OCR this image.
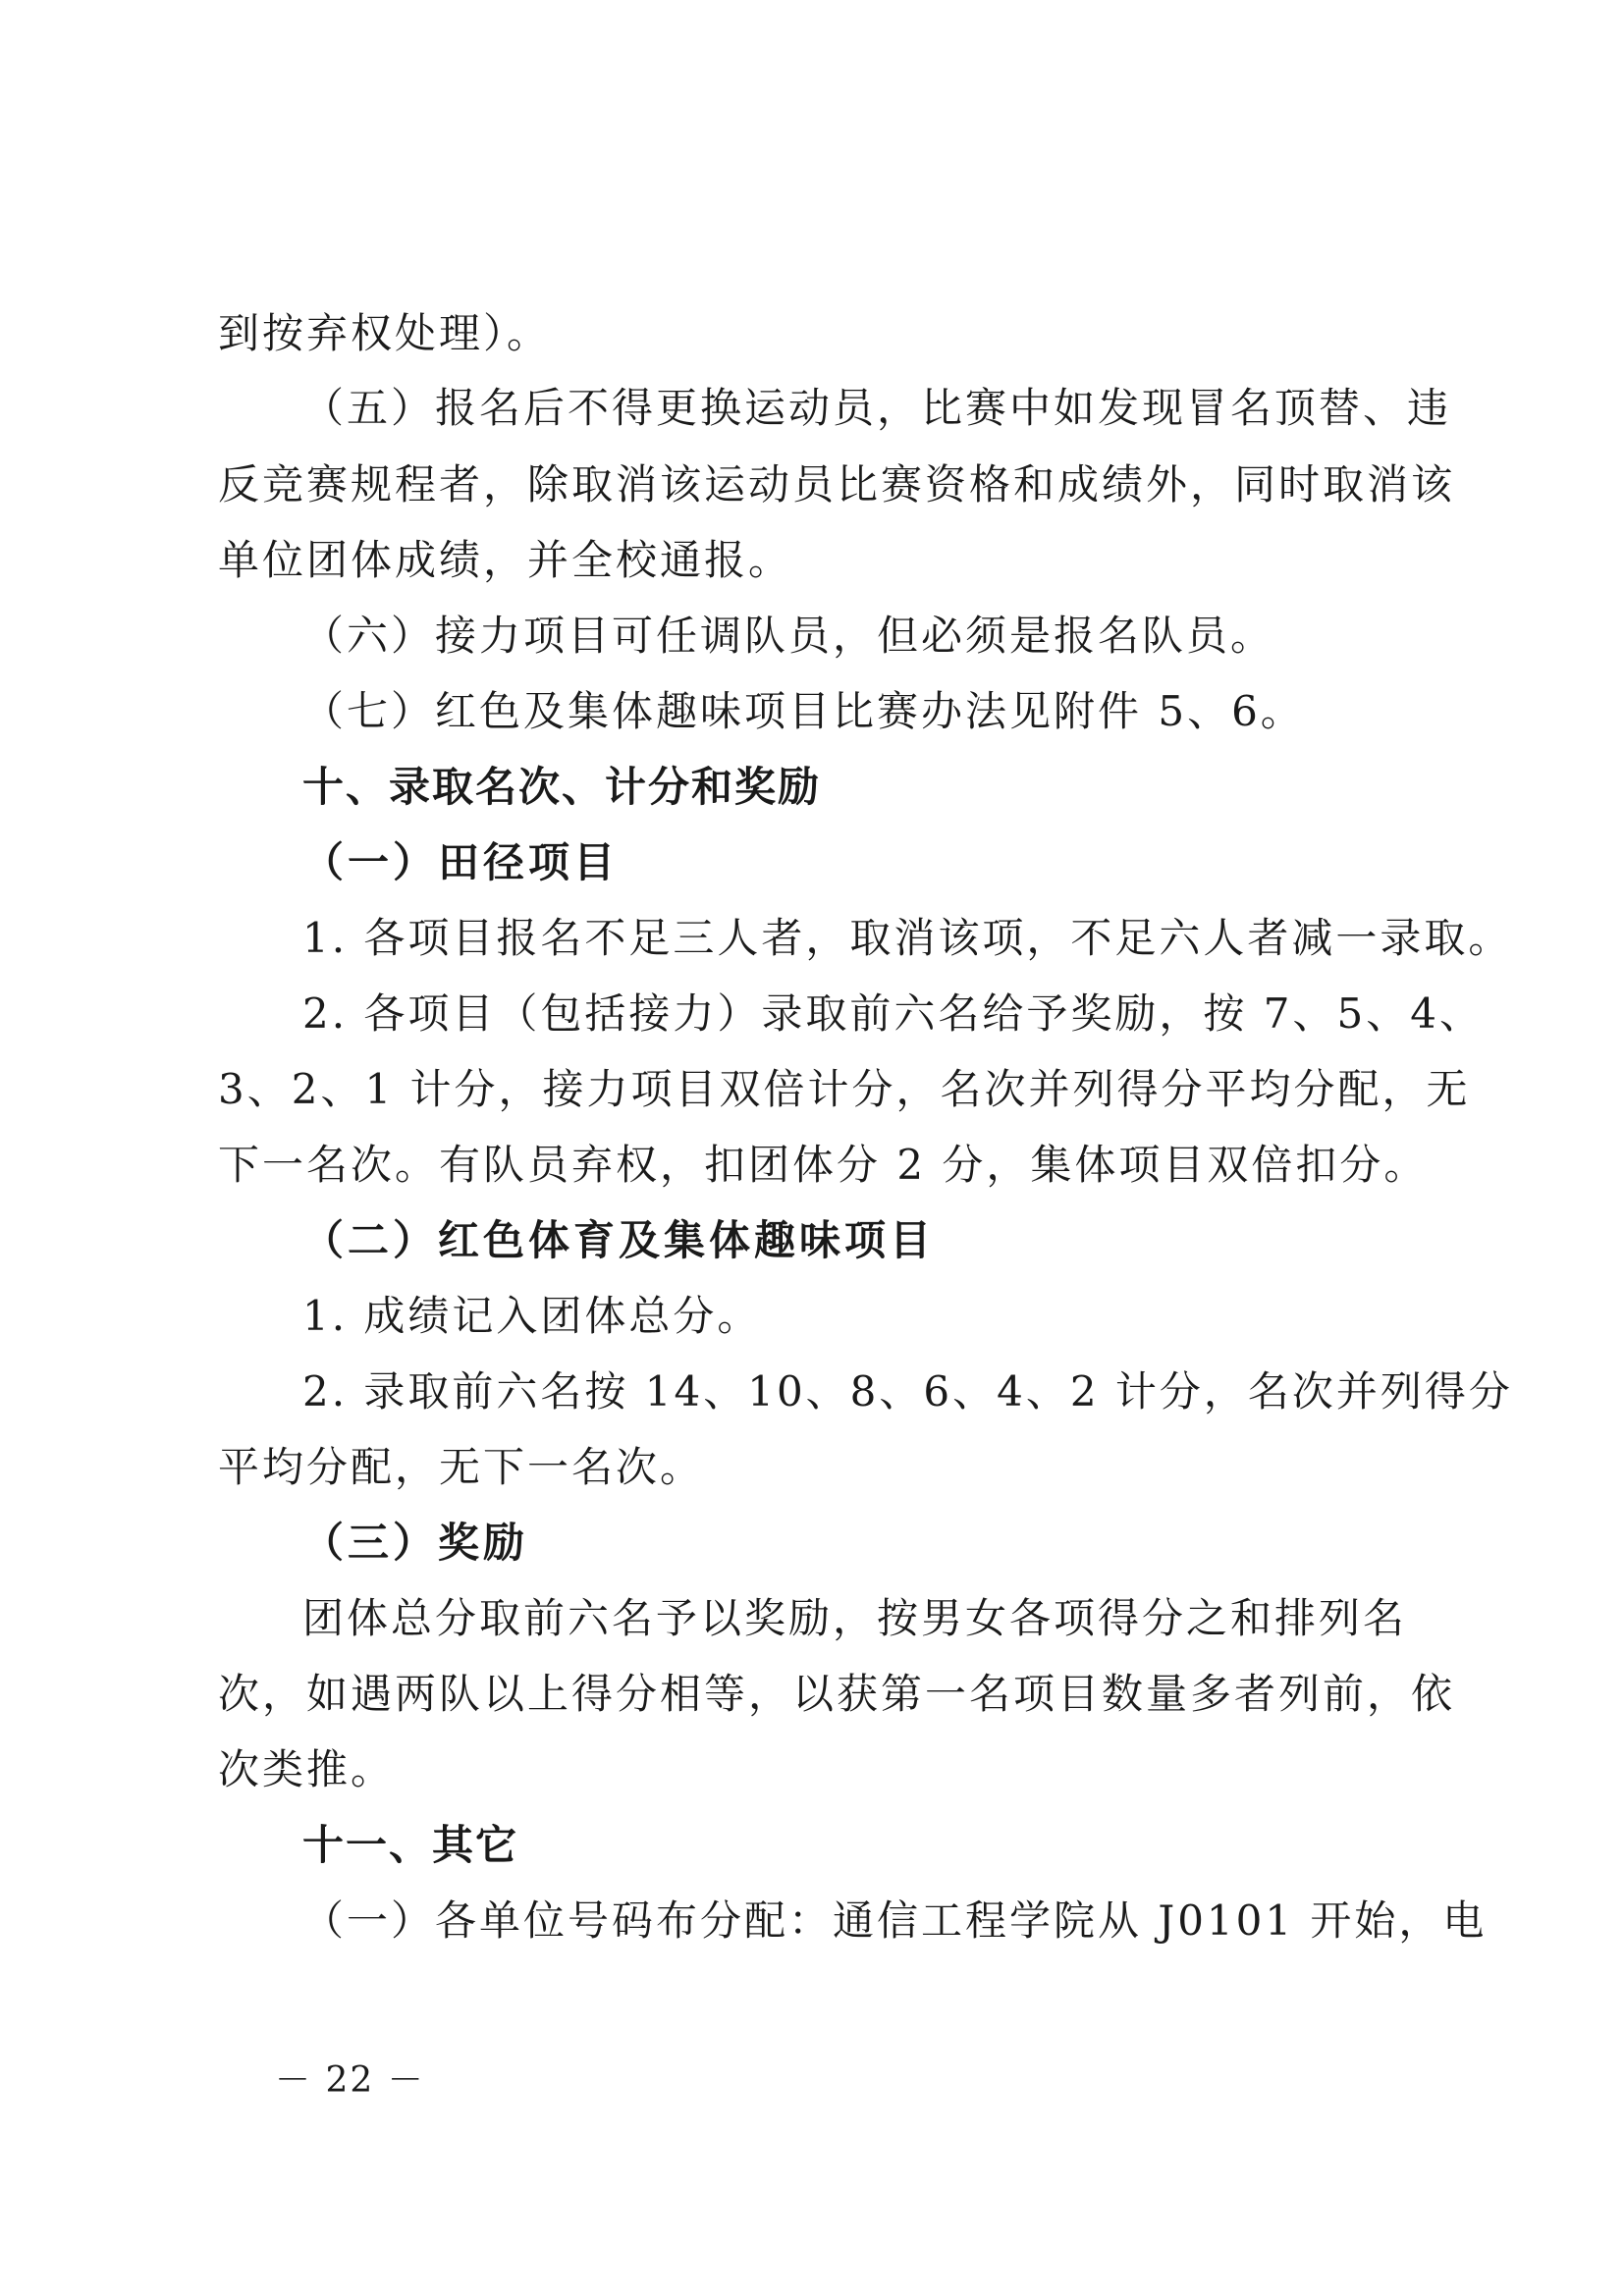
到按弃权处理）。
（五）报名后不得更换运动员，比赛中如发现冒名顶替、违
反竞赛规程者，除取消该运动员比赛资格和成绩外，同时取消该
单位团体成绩，并全校通报。
（六）接力项目可任调队员，但必须是报名队员。
（七）红色及集体趣味项目比赛办法见附件 5、6。
十、录取名次、计分和奖励
（一）田径项目
1. 各项目报名不足三人者，取消该项，不足六人者减一录取。
2. 各项目（包括接力）录取前六名给予奖励，按 7、5、4、
3、2、1 计分，接力项目双倍计分，名次并列得分平均分配，无
下一名次。有队员弃权，扣团体分 2 分，集体项目双倍扣分。
（二）红色体育及集体趣味项目
1. 成绩记入团体总分。
2. 录取前六名按 14、10、8、6、4、2 计分，名次并列得分
平均分配，无下一名次。
（三）奖励
团体总分取前六名予以奖励，按男女各项得分之和排列名
次，如遇两队以上得分相等，以获第一名项目数量多者列前，依
次类推。
十一、其它
（一）各单位号码布分配：通信工程学院从 J0101 开始，电
－ 22 －
